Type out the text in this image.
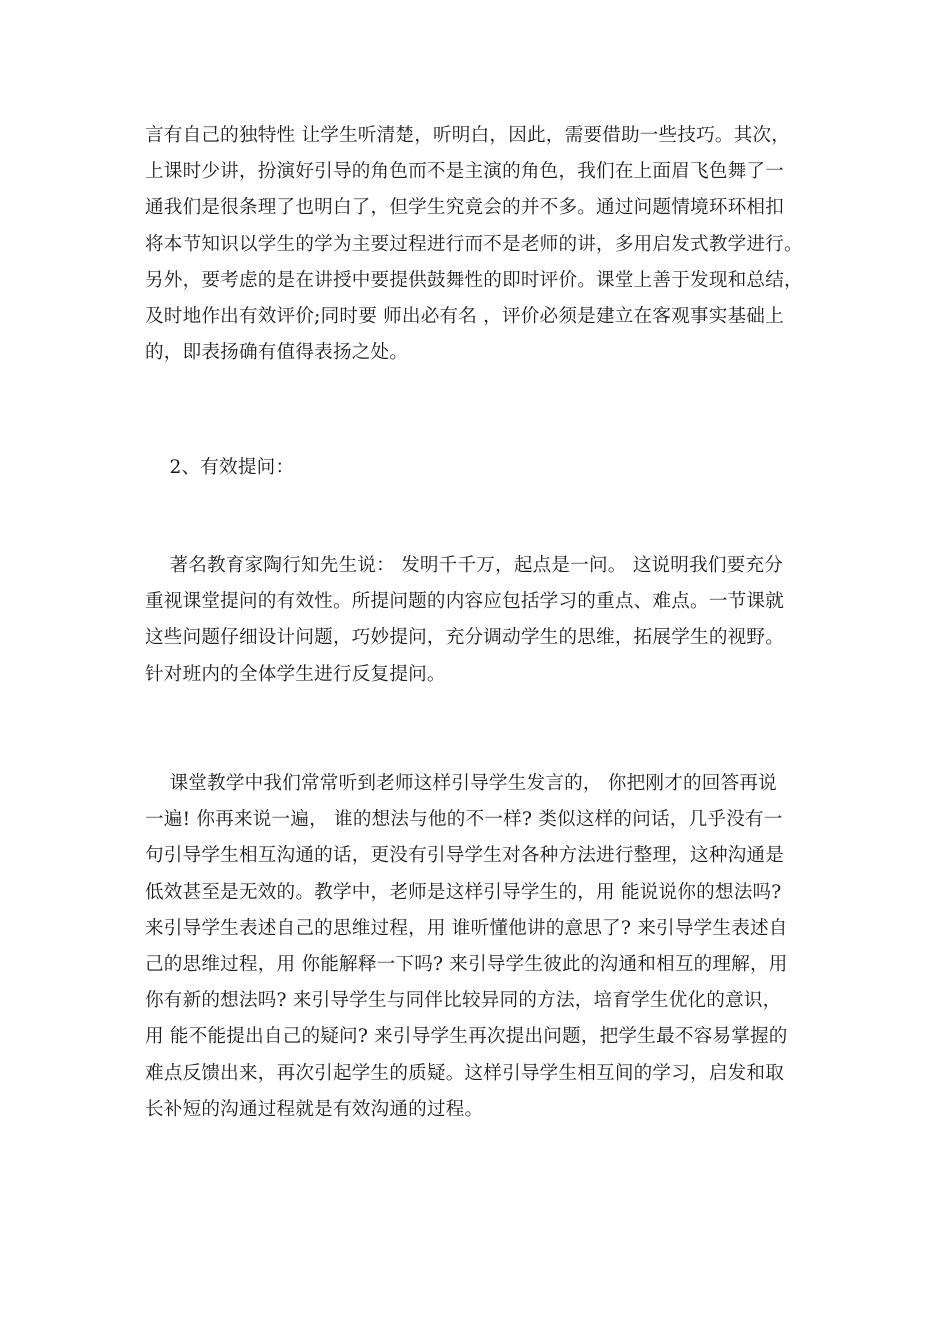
言有自己的独特性 让学生听清楚，听明白，因此，需要借助一些技巧。其次，
上课时少讲，扮演好引导的角色而不是主演的角色，我们在上面眉飞色舞了一
通我们是很条理了也明白了，但学生究竟会的并不多。通过问题情境环环相扣
将本节知识以学生的学为主要过程进行而不是老师的讲，多用启发式教学进行。
另外，要考虑的是在讲授中要提供鼓舞性的即时评价。课堂上善于发现和总结，
及时地作出有效评价;同时要 师出必有名 ，评价必须是建立在客观事实基础上
的，即表扬确有值得表扬之处。
2、有效提问：
著名教育家陶行知先生说： 发明千千万，起点是一问。 这说明我们要充分
重视课堂提问的有效性。所提问题的内容应包括学习的重点、难点。一节课就
这些问题仔细设计问题，巧妙提问，充分调动学生的思维，拓展学生的视野。
针对班内的全体学生进行反复提问。
课堂教学中我们常常听到老师这样引导学生发言的， 你把刚才的回答再说
一遍! 你再来说一遍， 谁的想法与他的不一样? 类似这样的问话，几乎没有一
句引导学生相互沟通的话，更没有引导学生对各种方法进行整理，这种沟通是
低效甚至是无效的。教学中，老师是这样引导学生的，用 能说说你的想法吗?
来引导学生表述自己的思维过程，用 谁听懂他讲的意思了? 来引导学生表述自
己的思维过程，用 你能解释一下吗? 来引导学生彼此的沟通和相互的理解，用
你有新的想法吗? 来引导学生与同伴比较异同的方法，培育学生优化的意识，
用 能不能提出自己的疑问? 来引导学生再次提出问题，把学生最不容易掌握的
难点反馈出来，再次引起学生的质疑。这样引导学生相互间的学习，启发和取
长补短的沟通过程就是有效沟通的过程。
